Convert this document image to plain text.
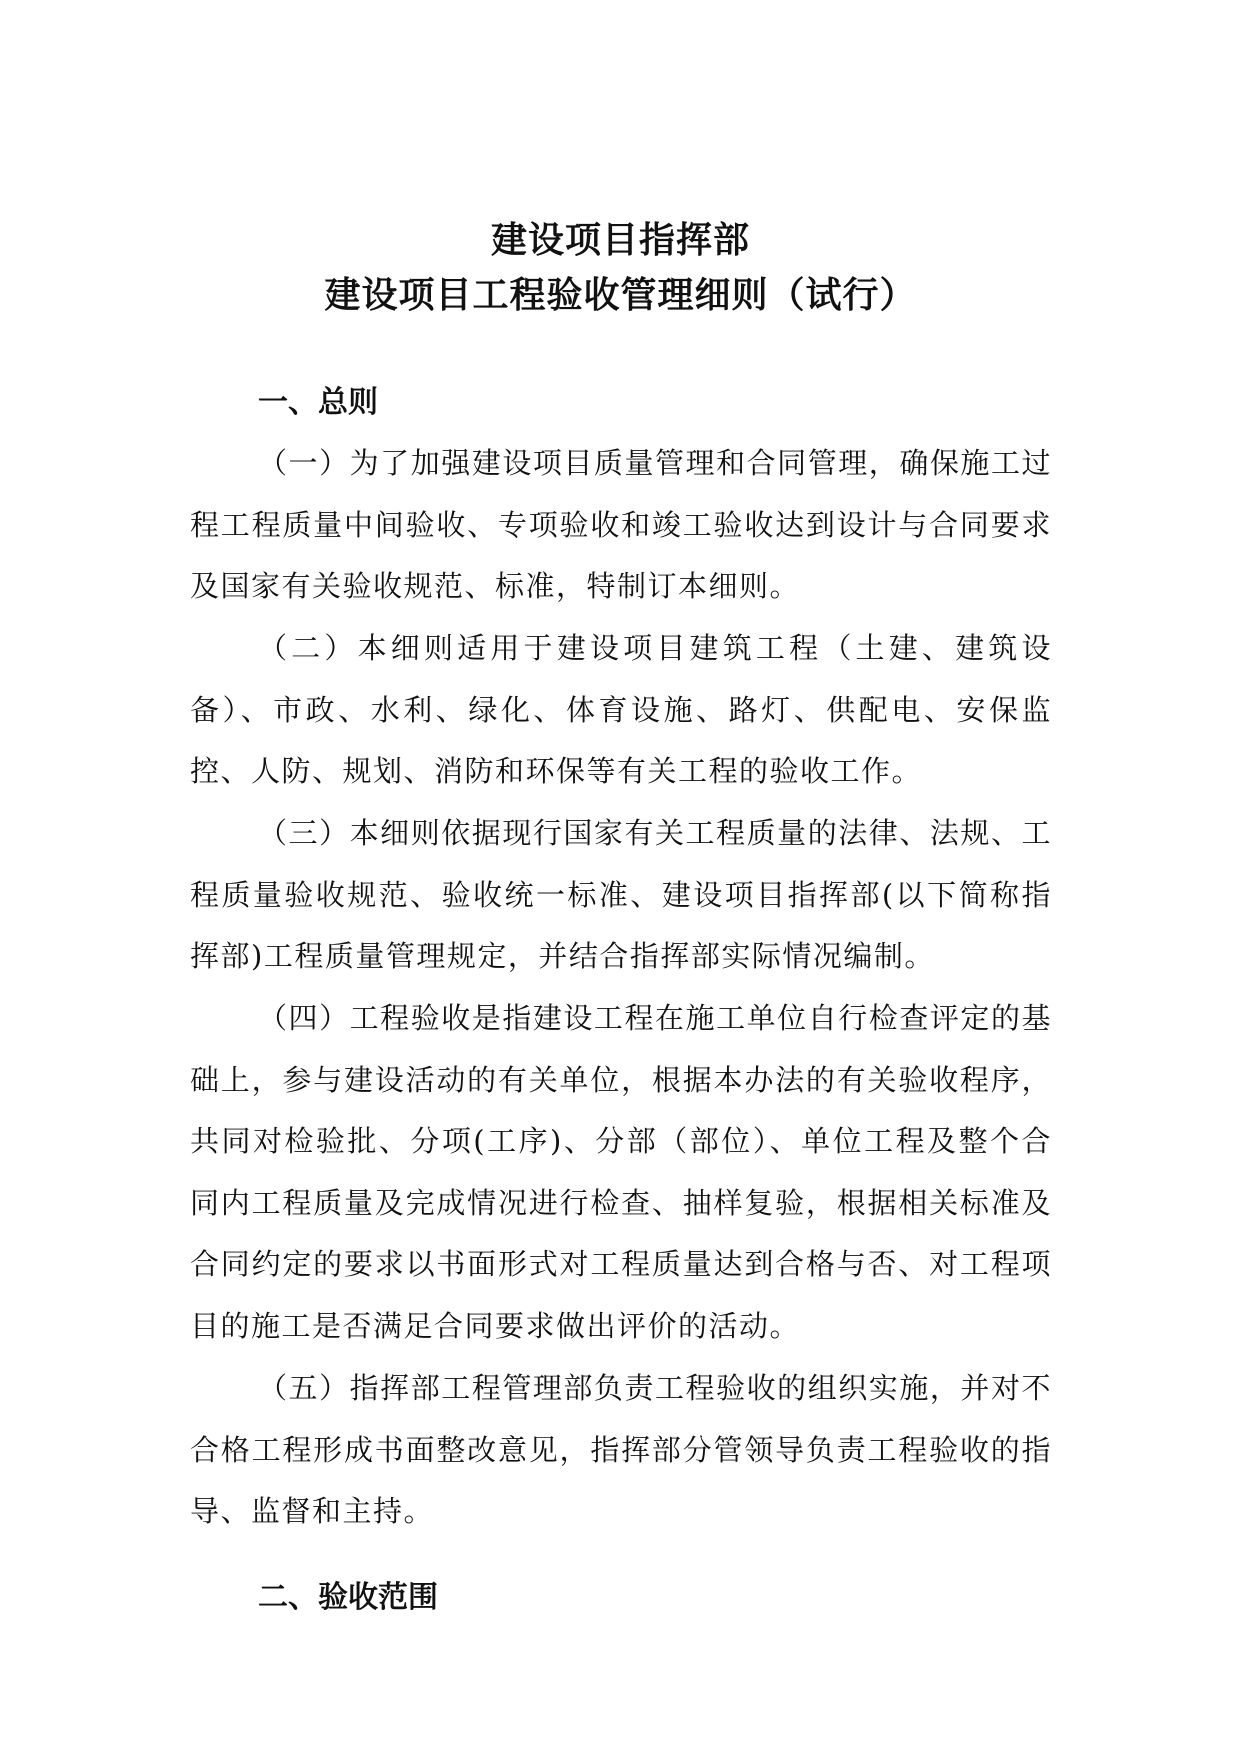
建设项目指挥部
建设项目工程验收管理细则（试行）
一、总则

（一）为了加强建设项目质量管理和合同管理，确保施工过程工程质量中间验收、专项验收和竣工验收达到设计与合同要求及国家有关验收规范、标准，特制订本细则。

（二）本细则适用于建设项目建筑工程（土建、建筑设备）、市政、水利、绿化、体育设施、路灯、供配电、安保监控、人防、规划、消防和环保等有关工程的验收工作。

（三）本细则依据现行国家有关工程质量的法律、法规、工程质量验收规范、验收统一标准、建设项目指挥部(以下简称指挥部)工程质量管理规定，并结合指挥部实际情况编制。

（四）工程验收是指建设工程在施工单位自行检查评定的基础上，参与建设活动的有关单位，根据本办法的有关验收程序，共同对检验批、分项(工序)、分部（部位）、单位工程及整个合同内工程质量及完成情况进行检查、抽样复验，根据相关标准及合同约定的要求以书面形式对工程质量达到合格与否、对工程项目的施工是否满足合同要求做出评价的活动。

（五）指挥部工程管理部负责工程验收的组织实施，并对不合格工程形成书面整改意见，指挥部分管领导负责工程验收的指导、监督和主持。

二、验收范围
